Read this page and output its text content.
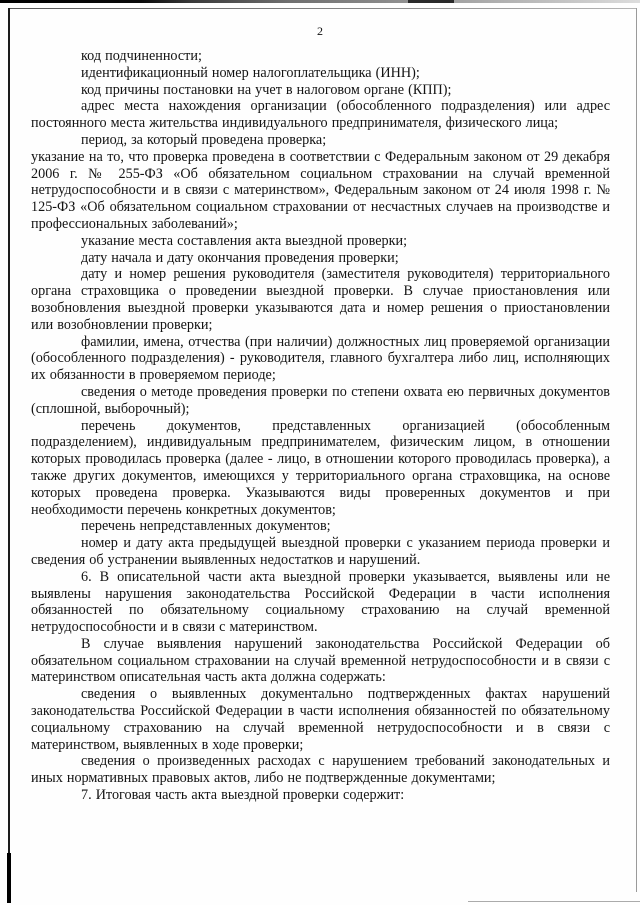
2

код подчиненности;

идентификационный номер налогоплательщика (ИНН);

код причины постановки на учет в налоговом органе (КПП);

адрес места нахождения организации (обособленного подразделения) или адрес постоянного места жительства индивидуального предпринимателя, физического лица;

период, за который проведена проверка;

указание на то, что проверка проведена в соответствии с Федеральным законом от 29 декабря 2006 г. № 255-ФЗ «Об обязательном социальном страховании на случай временной нетрудоспособности и в связи с материнством», Федеральным законом от 24 июля 1998 г. № 125-ФЗ «Об обязательном социальном страховании от несчастных случаев на производстве и профессиональных заболеваний»;

указание места составления акта выездной проверки;

дату начала и дату окончания проведения проверки;

дату и номер решения руководителя (заместителя руководителя) территориального органа страховщика о проведении выездной проверки. В случае приостановления или возобновления выездной проверки указываются дата и номер решения о приостановлении или возобновлении проверки;

фамилии, имена, отчества (при наличии) должностных лиц проверяемой организации (обособленного подразделения) - руководителя, главного бухгалтера либо лиц, исполняющих их обязанности в проверяемом периоде;

сведения о методе проведения проверки по степени охвата ею первичных документов (сплошной, выборочный);

перечень документов, представленных организацией (обособленным подразделением), индивидуальным предпринимателем, физическим лицом, в отношении которых проводилась проверка (далее - лицо, в отношении которого проводилась проверка), а также других документов, имеющихся у территориального органа страховщика, на основе которых проведена проверка. Указываются виды проверенных документов и при необходимости перечень конкретных документов;

перечень непредставленных документов;

номер и дату акта предыдущей выездной проверки с указанием периода проверки и сведения об устранении выявленных недостатков и нарушений.

6. В описательной части акта выездной проверки указывается, выявлены или не выявлены нарушения законодательства Российской Федерации в части исполнения обязанностей по обязательному социальному страхованию на случай временной нетрудоспособности и в связи с материнством.

В случае выявления нарушений законодательства Российской Федерации об обязательном социальном страховании на случай временной нетрудоспособности и в связи с материнством описательная часть акта должна содержать:

сведения о выявленных документально подтвержденных фактах нарушений законодательства Российской Федерации в части исполнения обязанностей по обязательному социальному страхованию на случай временной нетрудоспособности и в связи с материнством, выявленных в ходе проверки;

сведения о произведенных расходах с нарушением требований законодательных и иных нормативных правовых актов, либо не подтвержденные документами;

7. Итоговая часть акта выездной проверки содержит:
